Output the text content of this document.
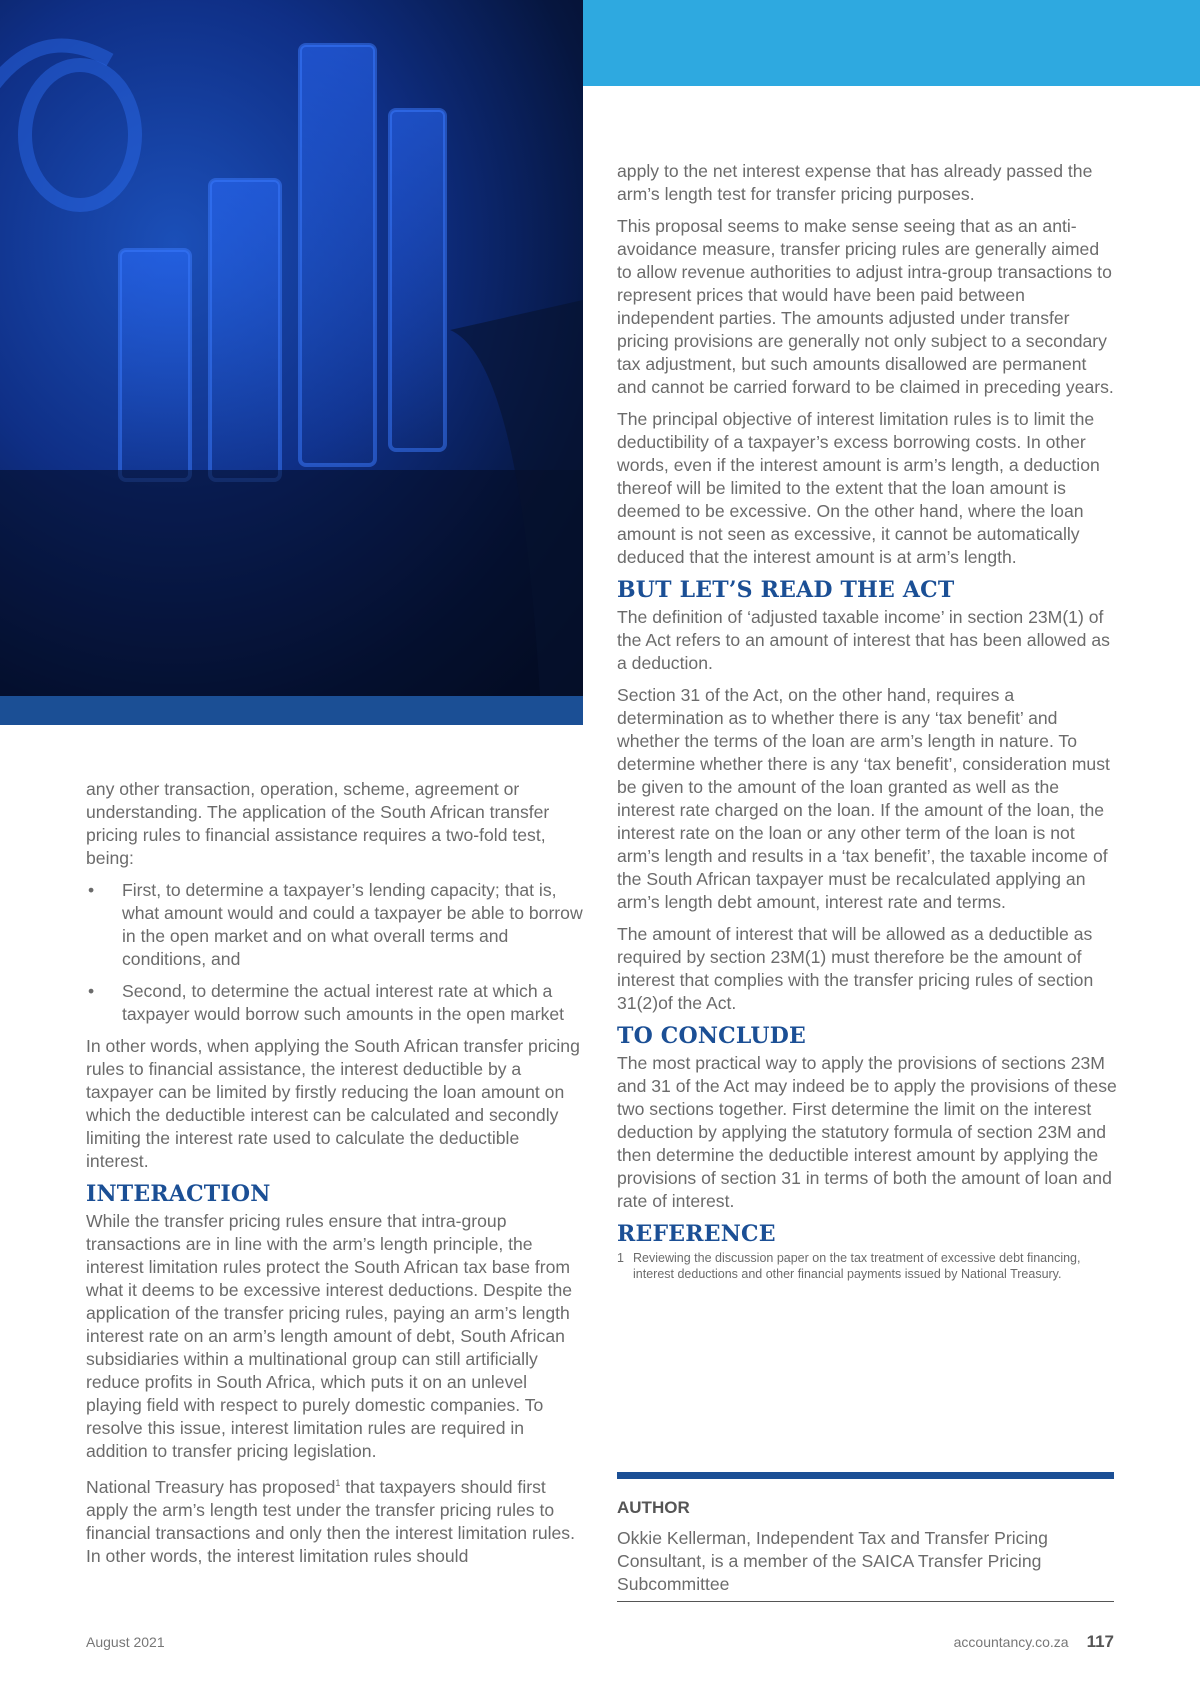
any other transaction, operation, scheme, agreement or understanding. The application of the South African transfer pricing rules to financial assistance requires a two-fold test, being:

• First, to determine a taxpayer’s lending capacity; that is, what amount would and could a taxpayer be able to borrow in the open market and on what overall terms and conditions, and
• Second, to determine the actual interest rate at which a taxpayer would borrow such amounts in the open market

In other words, when applying the South African transfer pricing rules to financial assistance, the interest deductible by a taxpayer can be limited by firstly reducing the loan amount on which the deductible interest can be calculated and secondly limiting the interest rate used to calculate the deductible interest.

INTERACTION

While the transfer pricing rules ensure that intra-group transactions are in line with the arm’s length principle, the interest limitation rules protect the South African tax base from what it deems to be excessive interest deductions. Despite the application of the transfer pricing rules, paying an arm’s length interest rate on an arm’s length amount of debt, South African subsidiaries within a multinational group can still artificially reduce profits in South Africa, which puts it on an unlevel playing field with respect to purely domestic companies. To resolve this issue, interest limitation rules are required in addition to transfer pricing legislation.

National Treasury has proposed$^1$ that taxpayers should first apply the arm’s length test under the transfer pricing rules to financial transactions and only then the interest limitation rules. In other words, the interest limitation rules should

apply to the net interest expense that has already passed the arm’s length test for transfer pricing purposes.

This proposal seems to make sense seeing that as an anti-avoidance measure, transfer pricing rules are generally aimed to allow revenue authorities to adjust intra-group transactions to represent prices that would have been paid between independent parties. The amounts adjusted under transfer pricing provisions are generally not only subject to a secondary tax adjustment, but such amounts disallowed are permanent and cannot be carried forward to be claimed in preceding years.

The principal objective of interest limitation rules is to limit the deductibility of a taxpayer’s excess borrowing costs. In other words, even if the interest amount is arm’s length, a deduction thereof will be limited to the extent that the loan amount is deemed to be excessive. On the other hand, where the loan amount is not seen as excessive, it cannot be automatically deduced that the interest amount is at arm’s length.

BUT LET’S READ THE ACT

The definition of ‘adjusted taxable income’ in section 23M(1) of the Act refers to an amount of interest that has been allowed as a deduction.

Section 31 of the Act, on the other hand, requires a determination as to whether there is any ‘tax benefit’ and whether the terms of the loan are arm’s length in nature. To determine whether there is any ‘tax benefit’, consideration must be given to the amount of the loan granted as well as the interest rate charged on the loan. If the amount of the loan, the interest rate on the loan or any other term of the loan is not arm’s length and results in a ‘tax benefit’, the taxable income of the South African taxpayer must be recalculated applying an arm’s length debt amount, interest rate and terms.

The amount of interest that will be allowed as a deductible as required by section 23M(1) must therefore be the amount of interest that complies with the transfer pricing rules of section 31(2)of the Act.

TO CONCLUDE

The most practical way to apply the provisions of sections 23M and 31 of the Act may indeed be to apply the provisions of these two sections together. First determine the limit on the interest deduction by applying the statutory formula of section 23M and then determine the deductible interest amount by applying the provisions of section 31 in terms of both the amount of loan and rate of interest.

REFERENCE
1 Reviewing the discussion paper on the tax treatment of excessive debt financing, interest deductions and other financial payments issued by National Treasury.
AUTHOR
Okkie Kellerman, Independent Tax and Transfer Pricing Consultant, is a member of the SAICA Transfer Pricing Subcommittee
August 2021	accountancy.co.za 117
